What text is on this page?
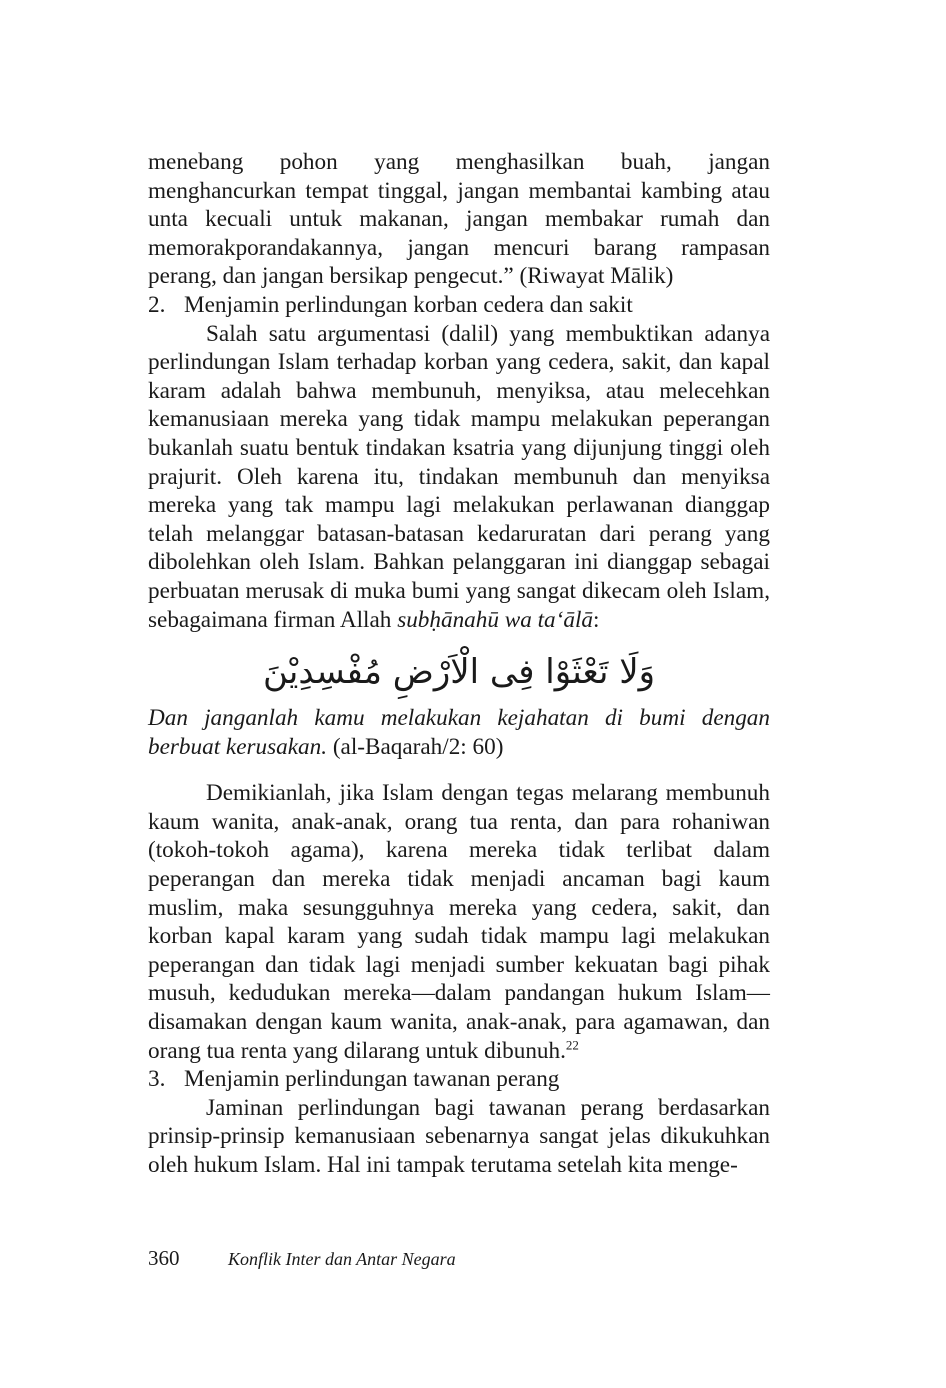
menebang pohon yang menghasilkan buah, jangan menghancurkan tempat tinggal, jangan membantai kambing atau unta kecuali untuk makanan, jangan membakar rumah dan memorakporandakannya, jangan mencuri barang rampasan perang, dan jangan bersikap pengecut.” (Riwayat Mālik)

2. Menjamin perlindungan korban cedera dan sakit

Salah satu argumentasi (dalil) yang membuktikan adanya perlindungan Islam terhadap korban yang cedera, sakit, dan kapal karam adalah bahwa membunuh, menyiksa, atau melecehkan kemanusiaan mereka yang tidak mampu melakukan peperangan bukanlah suatu bentuk tindakan ksatria yang dijunjung tinggi oleh prajurit. Oleh karena itu, tindakan membunuh dan menyiksa mereka yang tak mampu lagi melakukan perlawanan dianggap telah melanggar batasan-batasan kedaruratan dari perang yang dibolehkan oleh Islam. Bahkan pelanggaran ini dianggap sebagai perbuatan merusak di muka bumi yang sangat dikecam oleh Islam, sebagaimana firman Allah subḥānahū wa ta‘ālā:

وَلَا تَعْثَوْا فِى الْاَرْضِ مُفْسِدِيْنَ

Dan janganlah kamu melakukan kejahatan di bumi dengan berbuat kerusakan. (al-Baqarah/2: 60)

Demikianlah, jika Islam dengan tegas melarang membunuh kaum wanita, anak-anak, orang tua renta, dan para rohaniwan (tokoh-tokoh agama), karena mereka tidak terlibat dalam peperangan dan mereka tidak menjadi ancaman bagi kaum muslim, maka sesungguhnya mereka yang cedera, sakit, dan korban kapal karam yang sudah tidak mampu lagi melakukan peperangan dan tidak lagi menjadi sumber kekuatan bagi pihak musuh, kedudukan mereka—dalam pandangan hukum Islam—disamakan dengan kaum wanita, anak-anak, para agamawan, dan orang tua renta yang dilarang untuk dibunuh.$^{22}$

3. Menjamin perlindungan tawanan perang

Jaminan perlindungan bagi tawanan perang berdasarkan prinsip-prinsip kemanusiaan sebenarnya sangat jelas dikukuhkan oleh hukum Islam. Hal ini tampak terutama setelah kita menge-

360	Konflik Inter dan Antar Negara
